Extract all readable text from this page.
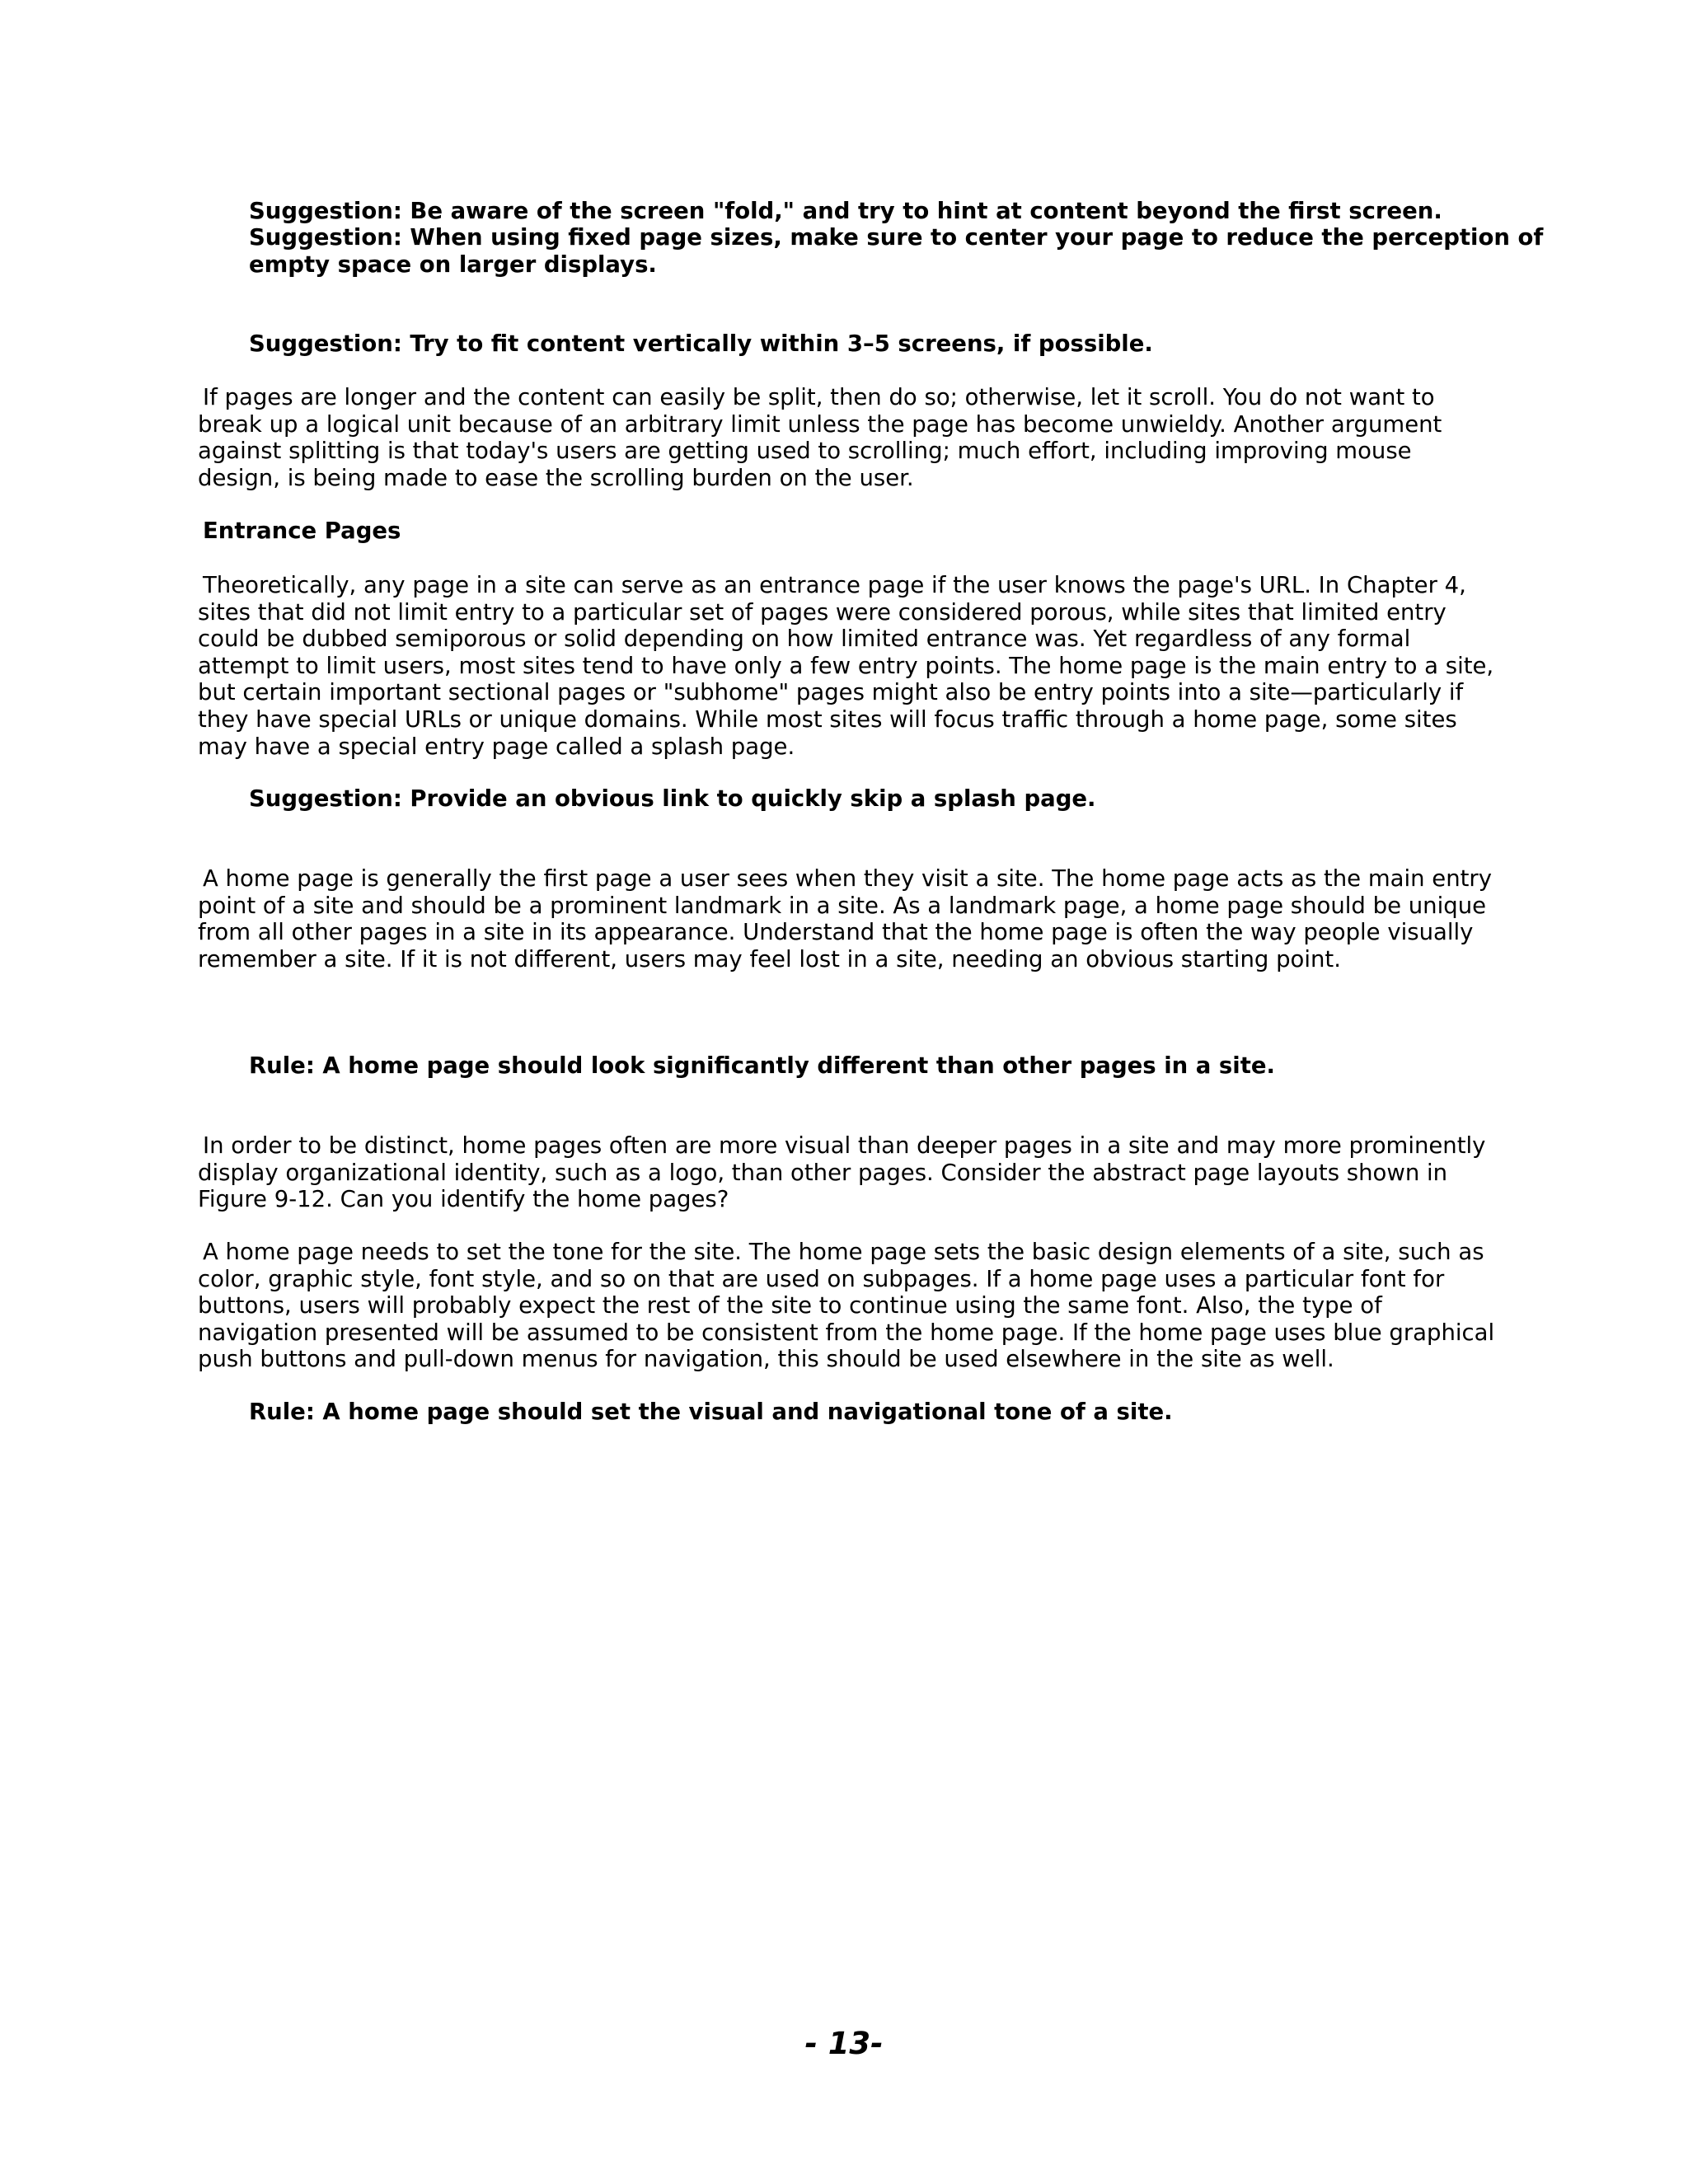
Suggestion: Be aware of the screen "fold," and try to hint at content beyond the first screen.

Suggestion: When using fixed page sizes, make sure to center your page to reduce the perception of empty space on larger displays.

Suggestion: Try to fit content vertically within 3–5 screens, if possible.

If pages are longer and the content can easily be split, then do so; otherwise, let it scroll. You do not want to break up a logical unit because of an arbitrary limit unless the page has become unwieldy. Another argument against splitting is that today's users are getting used to scrolling; much effort, including improving mouse design, is being made to ease the scrolling burden on the user.

Entrance Pages

Theoretically, any page in a site can serve as an entrance page if the user knows the page's URL. In Chapter 4, sites that did not limit entry to a particular set of pages were considered porous, while sites that limited entry could be dubbed semiporous or solid depending on how limited entrance was. Yet regardless of any formal attempt to limit users, most sites tend to have only a few entry points. The home page is the main entry to a site, but certain important sectional pages or "subhome" pages might also be entry points into a site—particularly if they have special URLs or unique domains. While most sites will focus traffic through a home page, some sites may have a special entry page called a splash page.

Suggestion: Provide an obvious link to quickly skip a splash page.

A home page is generally the first page a user sees when they visit a site. The home page acts as the main entry point of a site and should be a prominent landmark in a site. As a landmark page, a home page should be unique from all other pages in a site in its appearance. Understand that the home page is often the way people visually remember a site. If it is not different, users may feel lost in a site, needing an obvious starting point.

Rule: A home page should look significantly different than other pages in a site.

In order to be distinct, home pages often are more visual than deeper pages in a site and may more prominently display organizational identity, such as a logo, than other pages. Consider the abstract page layouts shown in Figure 9-12. Can you identify the home pages?

A home page needs to set the tone for the site. The home page sets the basic design elements of a site, such as color, graphic style, font style, and so on that are used on subpages. If a home page uses a particular font for buttons, users will probably expect the rest of the site to continue using the same font. Also, the type of navigation presented will be assumed to be consistent from the home page. If the home page uses blue graphical push buttons and pull-down menus for navigation, this should be used elsewhere in the site as well.

Rule: A home page should set the visual and navigational tone of a site.

- 13-
